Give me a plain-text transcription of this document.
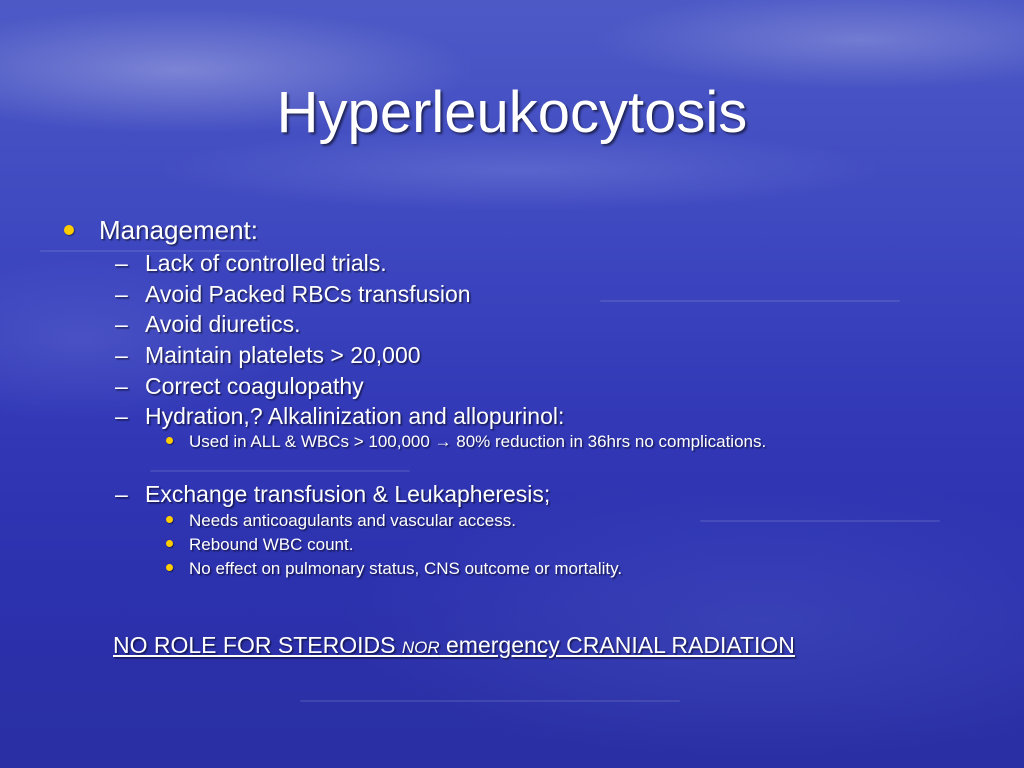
Hyperleukocytosis
Management:
– Lack of controlled trials.
– Avoid Packed RBCs transfusion
– Avoid diuretics.
– Maintain platelets > 20,000
– Correct coagulopathy
– Hydration,? Alkalinization and allopurinol:
Used in ALL & WBCs > 100,000 → 80% reduction in 36hrs no complications.
– Exchange transfusion & Leukapheresis;
Needs anticoagulants and vascular access.
Rebound WBC count.
No effect on pulmonary status, CNS outcome or mortality.
NO ROLE FOR STEROIDS NOR emergency CRANIAL RADIATION
